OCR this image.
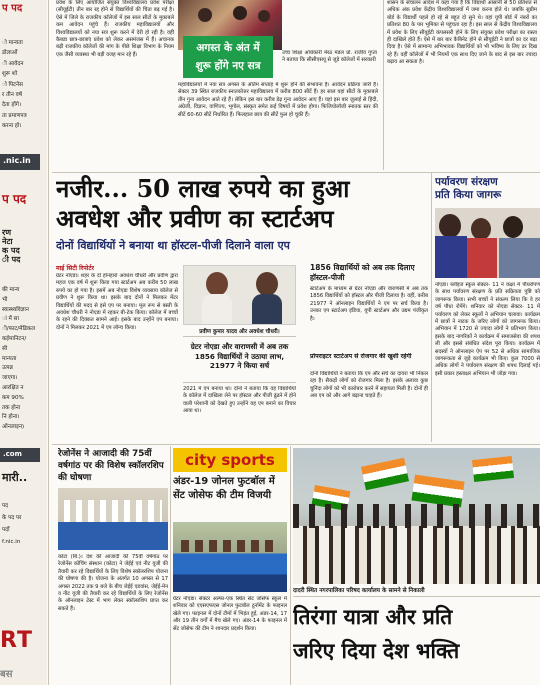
प पद
ो मान्यता
डोलाओं
ी आवेदन
शुरू शो
ो पिटनेस
र तीन वर्ष
देता होंगे।
ता प्रमाणपत्र
करना हो।
.nic.in
प पद
रण
नेटा
क पद
ी पद
की मान्य
भी
स्वास्थ्यविज्ञान
ां में सा
ी/फाट/मेडिकल
कईमानिटन/
सी
मान्यता
उत्पन्न
जाएगा।
आरक्षित न
कम 90%
तक होना
नि होना।
ऑनलाइन)
.com
मारी..
पद
के पद पर
पदों
f.nic.in
RT
बस

प्रवेश के लिए आयोजित संयुक्त विश्वविद्यालय प्रवेश परीक्षा (सीयूईटी) तीन बार रद्द होने से विद्यार्थियों की चिंता बढ़ गई है। ऐसे में जिले के राजकीय कॉलेजों में इस साल सीटों के मुकाबले कम आवेदन पहुंचे हैं। राजकीय महाविद्यालयों और विश्वविद्यालयों को नया सत्र शुरू करने में देरी हो रही है। वहीं कैबडा छात्र-छात्राएं प्रवेश को लेकर असमंजस में हैं। अचानक बढ़ी राजकीय कॉलेजों की मांग के पीछे शिक्षा विभाग के नियम एक जैसी व्यवस्था भी बड़ी वजह मान रहे हैं।

अगस्त के अंत में
शुरू होंगे नए सत्र

उच्च शिक्षा अधिकारी मेरठ मंडल प्रो. राजीव गुप्ता ने बताया कि सीसीएसयू से जुड़े कॉलेजों में सरकारी

महाविद्यालयों में नया सत्र अगस्त के अंतिम सप्ताह में शुरू होने की संभावना है। आवेदन प्रक्रिया जारी है। सेक्टर 39 स्थित राजकीय स्नातकोत्तर महाविद्यालय में करीब 800 सीटें हैं। हर साल यहां सीटों के मुकाबले तीन गुना आवेदन आते रहे हैं। लेकिन इस बार करीब डेढ़ गुना आवेदन आए हैं। यहां इस बार जुलाई से हिंदी, अंग्रेजी, विज्ञान, वाणिज्य, भूगोल, संस्कृत समेत कई विषयों में प्रवेश होगा। फिजियोलॉजी स्नातक स्तर की सीटें 60-60 सीटें निर्धारित हैं। फिलहाल छात्र की सीटें फुल हो चुकी हैं।

शासन के संचालन आदेश में कहा गया है कि विद्यार्थी आसानी से 50 प्रतिशत से अधिक अंक प्रवेश केंद्रीय विश्वविद्यालयों में जमा करना होते थे। जबकि सुप्रीम बोर्ड के विद्यार्थी पहले हो रहे से बहुत दो सुने थे। वहां यूपी बोर्ड में नंबरों का प्रतिशत 80 के पार भूमिका से पहुंचता रहा है। इस साल से केंद्रीय विश्वविद्यालय में प्रवेश के लिए सीयूईटी कंपलसरी होने के लिए संयुक्त प्रवेश परीक्षा का रास्ता ही दाखिले होते हैं। ऐसे में बार बार कैबिनेट होने से सीयूईटी ने छात्रों का दर बढ़ा दिया है। ऐसे में सामान्य अभिभावक विद्यार्थियों को भी भविष्य के लिए डर दिख रहे हैं। वहीं कॉलेजों में भी नियमों एक साथ दिए जाने के बाद से इस बार ज्यादा बढ़ाव आ सकता है।

नजीर... 50 लाख रुपये का हुआ
अवधेश और प्रवीण का स्टार्टअप
दोनों विद्यार्थियों ने बनाया था हॉस्टल-पीजी दिलाने वाला एप
माई सिटी रिपोर्टर

ग्रेटर नोएडा। शहर के दो होनहारों अवधेश चौधरी और प्रवीण द्वारा महज एक वर्ष में शुरू किया गया स्टार्टअप अब करीब 50 लाख रुपये का हो गया है। इसमें अब नोएडा विशेष व्यवसाय कॉलेज से प्रवीण ने शुरू किया था। इसके बाद दोनों ने मिलकर मेंटर विद्यार्थियों की मदद से इसे एप पर बनाया। मूल रूप से बस्ती के अवधेश चौधरी ने नोएडा में रहकर बी-टेक किया। कॉलेज में बच्चों के रहने की दिक्कत सामने आई। इसके बाद उन्होंने एप बनाया। दोनों ने मिलकर 2021 में एप लॉन्च किया।

प्रवीण कुमार यादव और अवधेश चौधरी।
ग्रेटर नोएडा और वाराणसी में अब तक 1856 विद्यार्थियों ने उठाया लाभ, 21977 ने किया सर्च

2021 में एप बनाया था। दोनों ने बताया कि वह विद्यार्थियों के कॉलेज में दाखिला लेने पर हॉस्टल और पीजी ढूंढने में होने वाली परेशानी को देखते हुए उन्होंने यह एप बनाने का विचार आया था।

1856 विद्यार्थियों को अब तक दिलाए हॉस्टल-पीजी

स्टार्टअप के माध्यम से ग्रेटर नोएडा और वाराणसी में अब तक 1856 विद्यार्थियों को हॉस्टल और पीजी दिलाया है। वहीं, करीब 21977 ने ऑनलाइन विद्यार्थियों ने एप पर सर्च किया है। उनका एप स्टार्टअप इंडिया, यूपी स्टार्टअप और उद्यम पंजीकृत है।

प्रोपराइटर स्टार्टअप से रोजगार की खुशी रहेगी

दोनों विद्यार्थियों ने बताया कि एप और सर्च का दायरा भी निकल रहा है। सैकड़ों लोगों को रोजगार मिला है। इसके अलावा कुछ चुनिंदा लोगों को भी कारोबार करने में सहायता मिली है। दोनों ही अब एप को और आगे बढ़ाना चाहते हैं।

पर्यावरण संरक्षण
प्रति किया जागरू

नोएडा। ब्लॉइज स्कूल सेक्टर- 11 ने कक्षा में पौधरोपण के साथ पर्यावरण संरक्षण के प्रति सक्रियता पुष्टि को जागरूक किया। सभी बच्चों ने संकल्प लिया कि वे हर वर्ष पौधा रोपेंगे। शनिवार को नोएडा सेक्टर- 11 में पर्यावरण को लेकर स्कूलों ने अभियान चलाया। कार्यक्रम में छात्रों ने नाटक के जरिए लोगों को जागरूक किया। अभियान में 1720 से ज्यादा लोगों ने प्रतिभाग किया। इसके बाद नागरिकों ने कार्यक्रम में समाजसेवा की शपथ ली और इससे संबंधित संदेश पूरा किया। कार्यक्रम में सदस्यों ने ऑनलाइन ऐप पर 52 से अधिक सामाजिक जागरूकता से जुड़े कार्यक्रम भी किए। कुल 7000 से अधिक लोगों ने पर्यावरण संरक्षण की शपथ दिलाई गई। इसी प्रकार हस्ताक्षर अभियान भी जोड़ा गया।

रेजोनेंस ने आजादी की 75वीं वर्षगांठ पर की विशेष स्कॉलरशिप की घोषणा

कोटा (बि.)। देश की आजादी की 75वीं वर्षगांठ पर रेजोनेंस कोचिंग संस्थान (कोटा) ने जेईई एवं नीट यूजी की तैयारी कर रहे विद्यार्थियों के लिए विशेष स्कॉलरशिप योजना की घोषणा की है। योजना के अंतर्गत 10 अगस्त से 17 अगस्त 2022 तक 9 बजे के बीच जेईई एडवांस, जेईई-मेन व नीट यूजी की तैयारी कर रहे विद्यार्थियों के लिए रेजोनेंस के ऑनलाइन टेस्ट में भाग लेकर स्कॉलरशिप प्राप्त कर सकते हैं।

city sports
अंडर-19 जोनल फुटबॉल में सेंट जोसेफ की टीम विजयी

ग्रेटर नोएडा। सेक्टर अल्फा-एक स्थित सेंट जोसेफ स्कूल में शनिवार को एएसएफएस जोनल फुटबॉल टूर्नामेंट के फाइनल खेले गए। फाइनल में दोनों टीमों में भिड़ंत हुई, अंडर-14, 17 और 19 तीन वर्गों में मैच खेले गए। अंडर-14 के फाइनल में सेंट जोसेफ की टीम ने शानदार प्रदर्शन किया।

दादरी स्थित नगरपालिका परिषद कार्यालय के सामने से निकाली
तिरंगा यात्रा और प्रति
जरिए दिया देश भक्ति
